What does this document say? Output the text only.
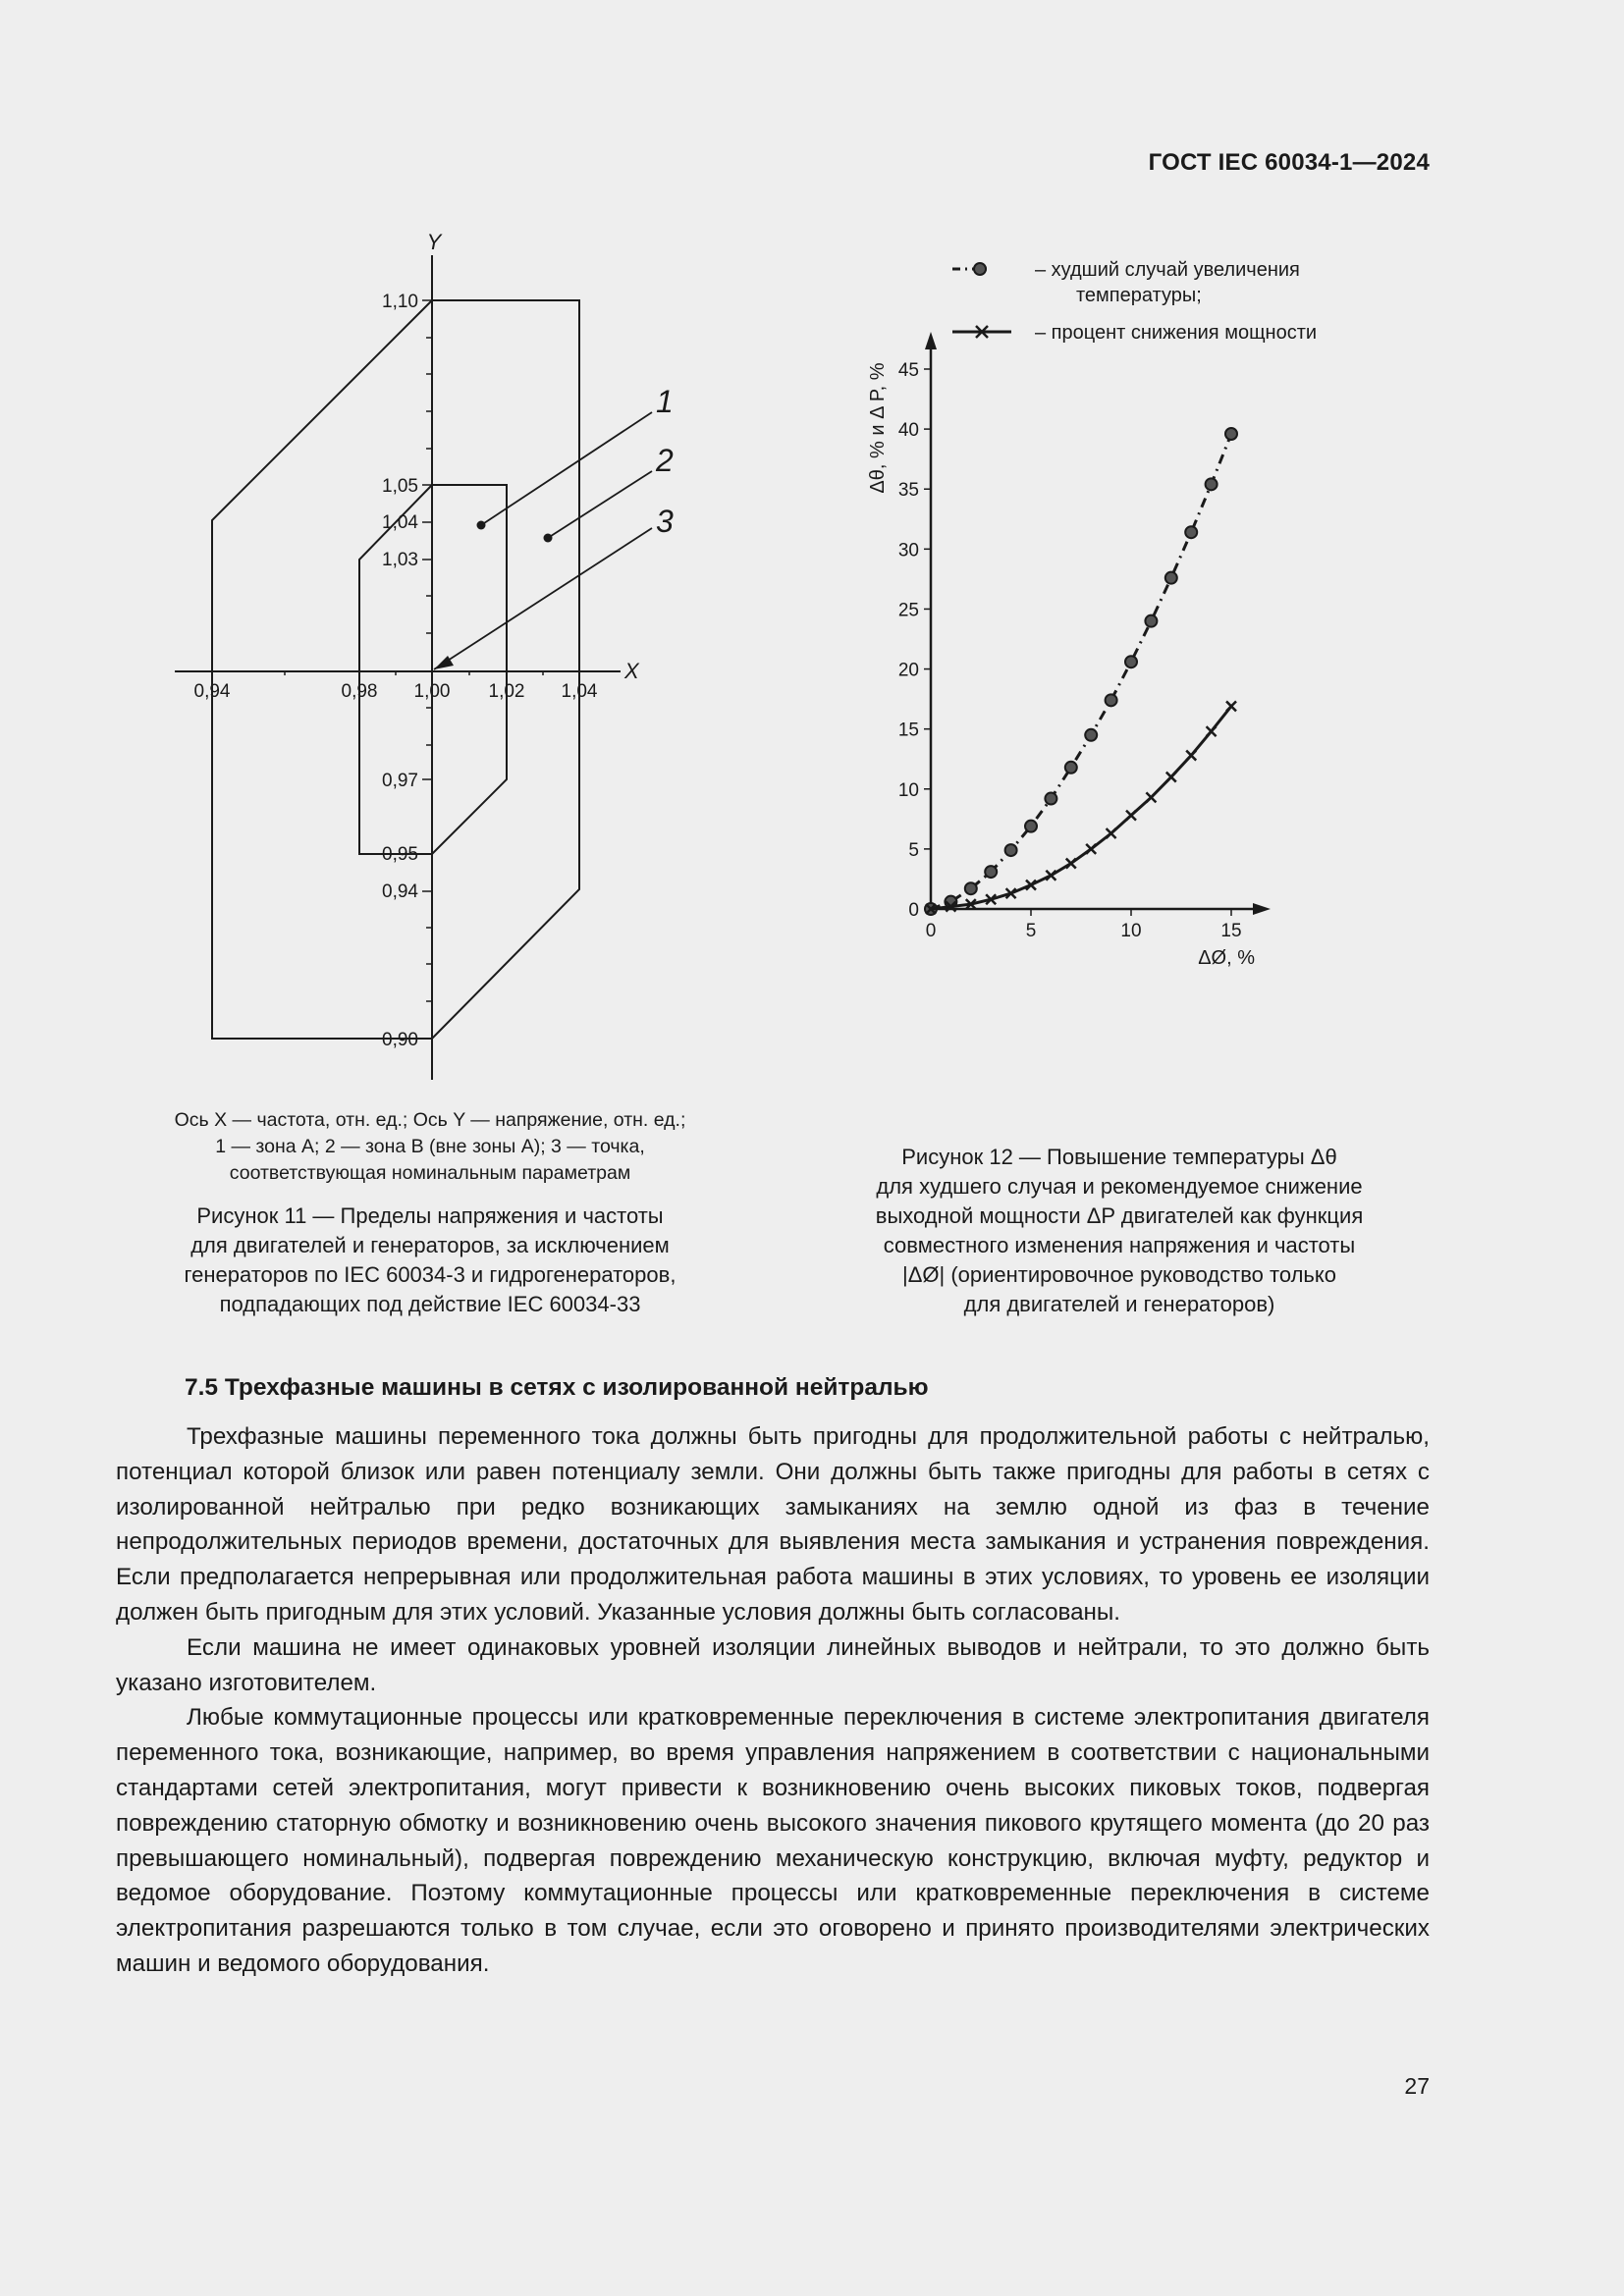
ГОСТ IEC 60034-1—2024
1,10
1,05
1,04
1,03
0,97
0,95
0,94
0,90
0,94	0,98 1,00 1,02 1,04
Y
X
1
2
3
Ось X — частота, отн. ед.; Ось Y — напряжение, отн. ед.;
1 — зона A; 2 — зона B (вне зоны A); 3 — точка,
соответствующая номинальным параметрам
Рисунок 11 — Пределы напряжения и частоты
для двигателей и генераторов, за исключением
генераторов по IEC 60034-3 и гидрогенераторов,
подпадающих под действие IEC 60034-33
0
5
10
15
20
25
30
35
40
45
0	5	10	15
ΔØ, %
Δθ, % и Δ P, %
– худший случай увеличения
температуры;
– процент снижения мощности
Рисунок 12 — Повышение температуры Δθ
для худшего случая и рекомендуемое снижение
выходной мощности ΔP двигателей как функция
совместного изменения напряжения и частоты
|ΔØ| (ориентировочное руководство только
для двигателей и генераторов)
7.5 Трехфазные машины в сетях с изолированной нейтралью

Трехфазные машины переменного тока должны быть пригодны для продолжительной работы с нейтралью, потенциал которой близок или равен потенциалу земли. Они должны быть также пригодны для работы в сетях с изолированной нейтралью при редко возникающих замыканиях на землю одной из фаз в течение непродолжительных периодов времени, достаточных для выявления места замыкания и устранения повреждения. Если предполагается непрерывная или продолжительная работа машины в этих условиях, то уровень ее изоляции должен быть пригодным для этих условий. Указанные условия должны быть согласованы.

Если машина не имеет одинаковых уровней изоляции линейных выводов и нейтрали, то это должно быть указано изготовителем.

Любые коммутационные процессы или кратковременные переключения в системе электропитания двигателя переменного тока, возникающие, например, во время управления напряжением в соответствии с национальными стандартами сетей электропитания, могут привести к возникновению очень высоких пиковых токов, подвергая повреждению статорную обмотку и возникновению очень высокого значения пикового крутящего момента (до 20 раз превышающего номинальный), подвергая повреждению механическую конструкцию, включая муфту, редуктор и ведомое оборудование. Поэтому коммутационные процессы или кратковременные переключения в системе электропитания разрешаются только в том случае, если это оговорено и принято производителями электрических машин и ведомого оборудования.

27
